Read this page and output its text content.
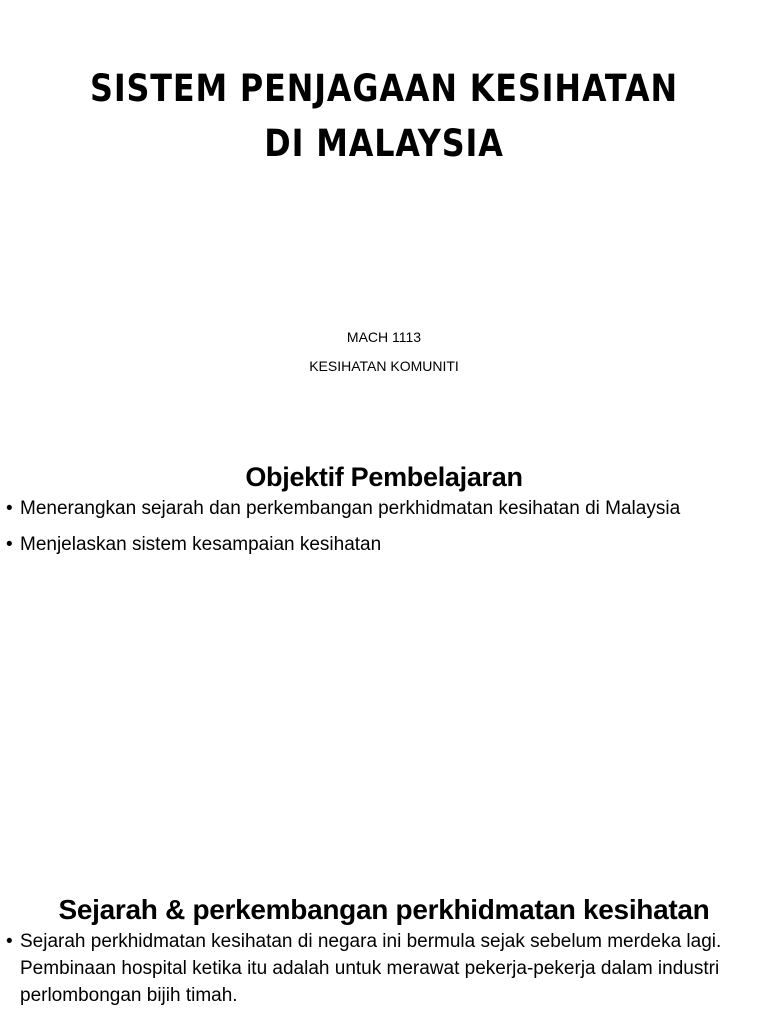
SISTEM PENJAGAAN KESIHATAN DI MALAYSIA
MACH 1113
KESIHATAN KOMUNITI
Objektif Pembelajaran
• Menerangkan sejarah dan perkembangan perkhidmatan kesihatan di Malaysia
• Menjelaskan sistem kesampaian kesihatan
Sejarah & perkembangan perkhidmatan kesihatan
• Sejarah perkhidmatan kesihatan di negara ini bermula sejak sebelum merdeka lagi. Pembinaan hospital ketika itu adalah untuk merawat pekerja-pekerja dalam industri perlombongan bijih timah.
